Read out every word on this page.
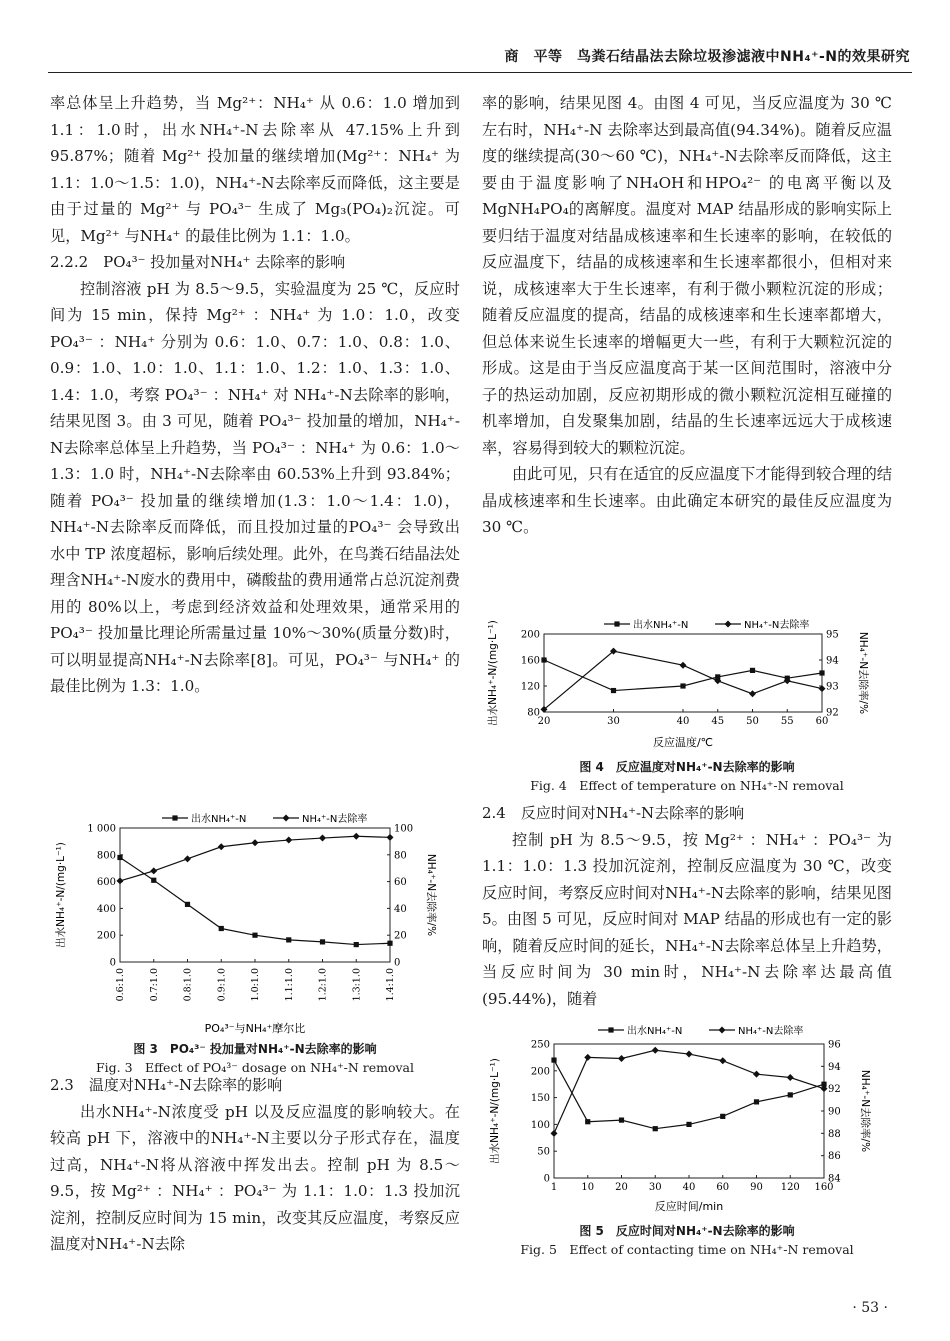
商　平等　鸟粪石结晶法去除垃圾渗滤液中NH₄⁺-N的效果研究

率总体呈上升趋势，当 Mg²⁺：NH₄⁺ 从 0.6：1.0 增加到1.1：1.0时，出水NH₄⁺-N去除率从 47.15%上升到 95.87%；随着 Mg²⁺ 投加量的继续增加(Mg²⁺：NH₄⁺ 为1.1：1.0～1.5：1.0)，NH₄⁺-N去除率反而降低，这主要是由于过量的 Mg²⁺ 与 PO₄³⁻ 生成了 Mg₃(PO₄)₂沉淀。可见，Mg²⁺ 与NH₄⁺ 的最佳比例为 1.1：1.0。

2.2.2　PO₄³⁻ 投加量对NH₄⁺ 去除率的影响

控制溶液 pH 为 8.5～9.5，实验温度为 25 ℃，反应时间为 15 min，保持 Mg²⁺ ：NH₄⁺ 为 1.0：1.0，改变PO₄³⁻ ：NH₄⁺ 分别为 0.6：1.0、0.7：1.0、0.8：1.0、0.9：1.0、1.0：1.0、1.1：1.0、1.2：1.0、1.3：1.0、1.4：1.0，考察 PO₄³⁻ ：NH₄⁺ 对 NH₄⁺-N去除率的影响，结果见图 3。由 3 可见，随着 PO₄³⁻ 投加量的增加，NH₄⁺-N去除率总体呈上升趋势，当 PO₄³⁻ ：NH₄⁺ 为 0.6：1.0～1.3：1.0 时，NH₄⁺-N去除率由 60.53%上升到 93.84%；随着 PO₄³⁻ 投加量的继续增加(1.3：1.0～1.4：1.0)，NH₄⁺-N去除率反而降低，而且投加过量的PO₄³⁻ 会导致出水中 TP 浓度超标，影响后续处理。此外，在鸟粪石结晶法处理含NH₄⁺-N废水的费用中，磷酸盐的费用通常占总沉淀剂费用的 80%以上，考虑到经济效益和处理效果，通常采用的PO₄³⁻ 投加量比理论所需量过量 10%～30%(质量分数)时，可以明显提高NH₄⁺-N去除率[8]。可见，PO₄³⁻ 与NH₄⁺ 的最佳比例为 1.3：1.0。

0
200
400
600
800
1 000
0
20
40
60
80
100
0.6:1.0 0.7:1.0 0.8:1.0 0.9:1.0 1.0:1.0 1.1:1.0 1.2:1.0 1.3:1.0 1.4:1.0
PO₄³⁻与NH₄⁺摩尔比
出水NH₄⁺-N/(mg·L⁻¹)	NH₄⁺-N去除率/%
出水NH₄⁺-N	NH₄⁺-N去除率
图 3　PO₄³⁻ 投加量对NH₄⁺-N去除率的影响
Fig. 3　Effect of PO₄³⁻ dosage on NH₄⁺-N removal

2.3　温度对NH₄⁺-N去除率的影响

出水NH₄⁺-N浓度受 pH 以及反应温度的影响较大。在较高 pH 下，溶液中的NH₄⁺-N主要以分子形式存在，温度过高，NH₄⁺-N将从溶液中挥发出去。控制 pH 为 8.5～9.5，按 Mg²⁺ ：NH₄⁺ ：PO₄³⁻ 为 1.1：1.0：1.3 投加沉淀剂，控制反应时间为 15 min，改变其反应温度，考察反应温度对NH₄⁺-N去除

率的影响，结果见图 4。由图 4 可见，当反应温度为 30 ℃ 左右时，NH₄⁺-N 去除率达到最高值(94.34%)。随着反应温度的继续提高(30～60 ℃)，NH₄⁺-N去除率反而降低，这主要由于温度影响了NH₄OH和HPO₄²⁻ 的电离平衡以及MgNH₄PO₄的离解度。温度对 MAP 结晶形成的影响实际上要归结于温度对结晶成核速率和生长速率的影响，在较低的反应温度下，结晶的成核速率和生长速率都很小，但相对来说，成核速率大于生长速率，有利于微小颗粒沉淀的形成；随着反应温度的提高，结晶的成核速率和生长速率都增大，但总体来说生长速率的增幅更大一些，有利于大颗粒沉淀的形成。这是由于当反应温度高于某一区间范围时，溶液中分子的热运动加剧，反应初期形成的微小颗粒沉淀相互碰撞的机率增加，自发聚集加剧，结晶的生长速率远远大于成核速率，容易得到较大的颗粒沉淀。

由此可见，只有在适宜的反应温度下才能得到较合理的结晶成核速率和生长速率。由此确定本研究的最佳反应温度为 30 ℃。

80
120
160
200
92
93
94
95
20	30	40 45 50 55 60
反应温度/℃
出水NH₄⁺-N/(mg·L⁻¹)	NH₄⁺-N去除率/%
出水NH₄⁺-N	NH₄⁺-N去除率
图 4　反应温度对NH₄⁺-N去除率的影响
Fig. 4　Effect of temperature on NH₄⁺-N removal

2.4　反应时间对NH₄⁺-N去除率的影响

控制 pH 为 8.5～9.5，按 Mg²⁺ ：NH₄⁺ ：PO₄³⁻ 为 1.1：1.0：1.3 投加沉淀剂，控制反应温度为 30 ℃，改变反应时间，考察反应时间对NH₄⁺-N去除率的影响，结果见图 5。由图 5 可见，反应时间对 MAP 结晶的形成也有一定的影响，随着反应时间的延长，NH₄⁺-N去除率总体呈上升趋势，当反应时间为 30 min时，NH₄⁺-N去除率达最高值(95.44%)，随着

0
50
100
150
200
250
84
86
88
90
92
94
96
1 10 20 30 40 60 90 120 160
反应时间/min
出水NH₄⁺-N/(mg·L⁻¹)	NH₄⁺-N去除率/%
出水NH₄⁺-N	NH₄⁺-N去除率
图 5　反应时间对NH₄⁺-N去除率的影响
Fig. 5　Effect of contacting time on NH₄⁺-N removal
· 53 ·
